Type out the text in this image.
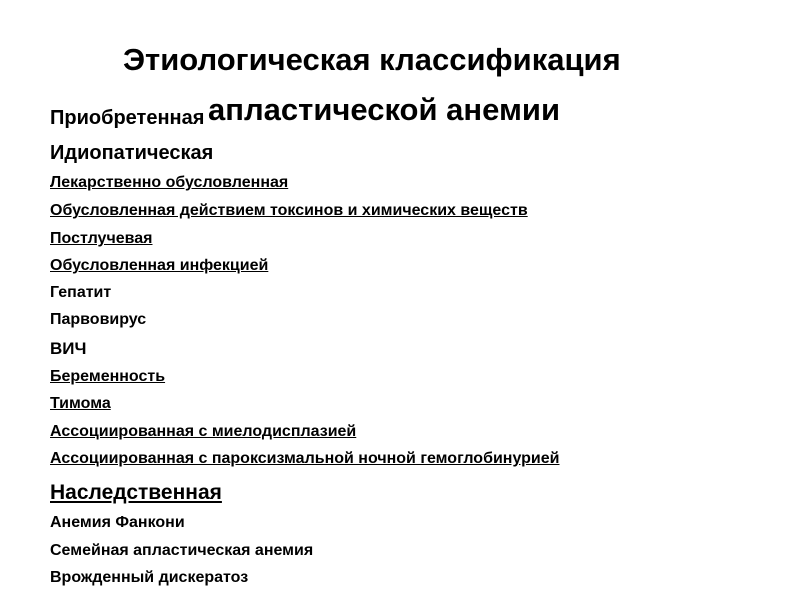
Этиологическая классификация
Приобретенная апластической анемии
Идиопатическая
Лекарственно обусловленная
Обусловленная действием токсинов и химических веществ
Постлучевая
Обусловленная инфекцией
Гепатит
Парвовирус
ВИЧ
Беременность
Тимома
Ассоциированная с миелодисплазией
Ассоциированная с пароксизмальной ночной гемоглобинурией
Наследственная
Анемия Фанкони
Семейная апластическая анемия
Врожденный дискератоз
